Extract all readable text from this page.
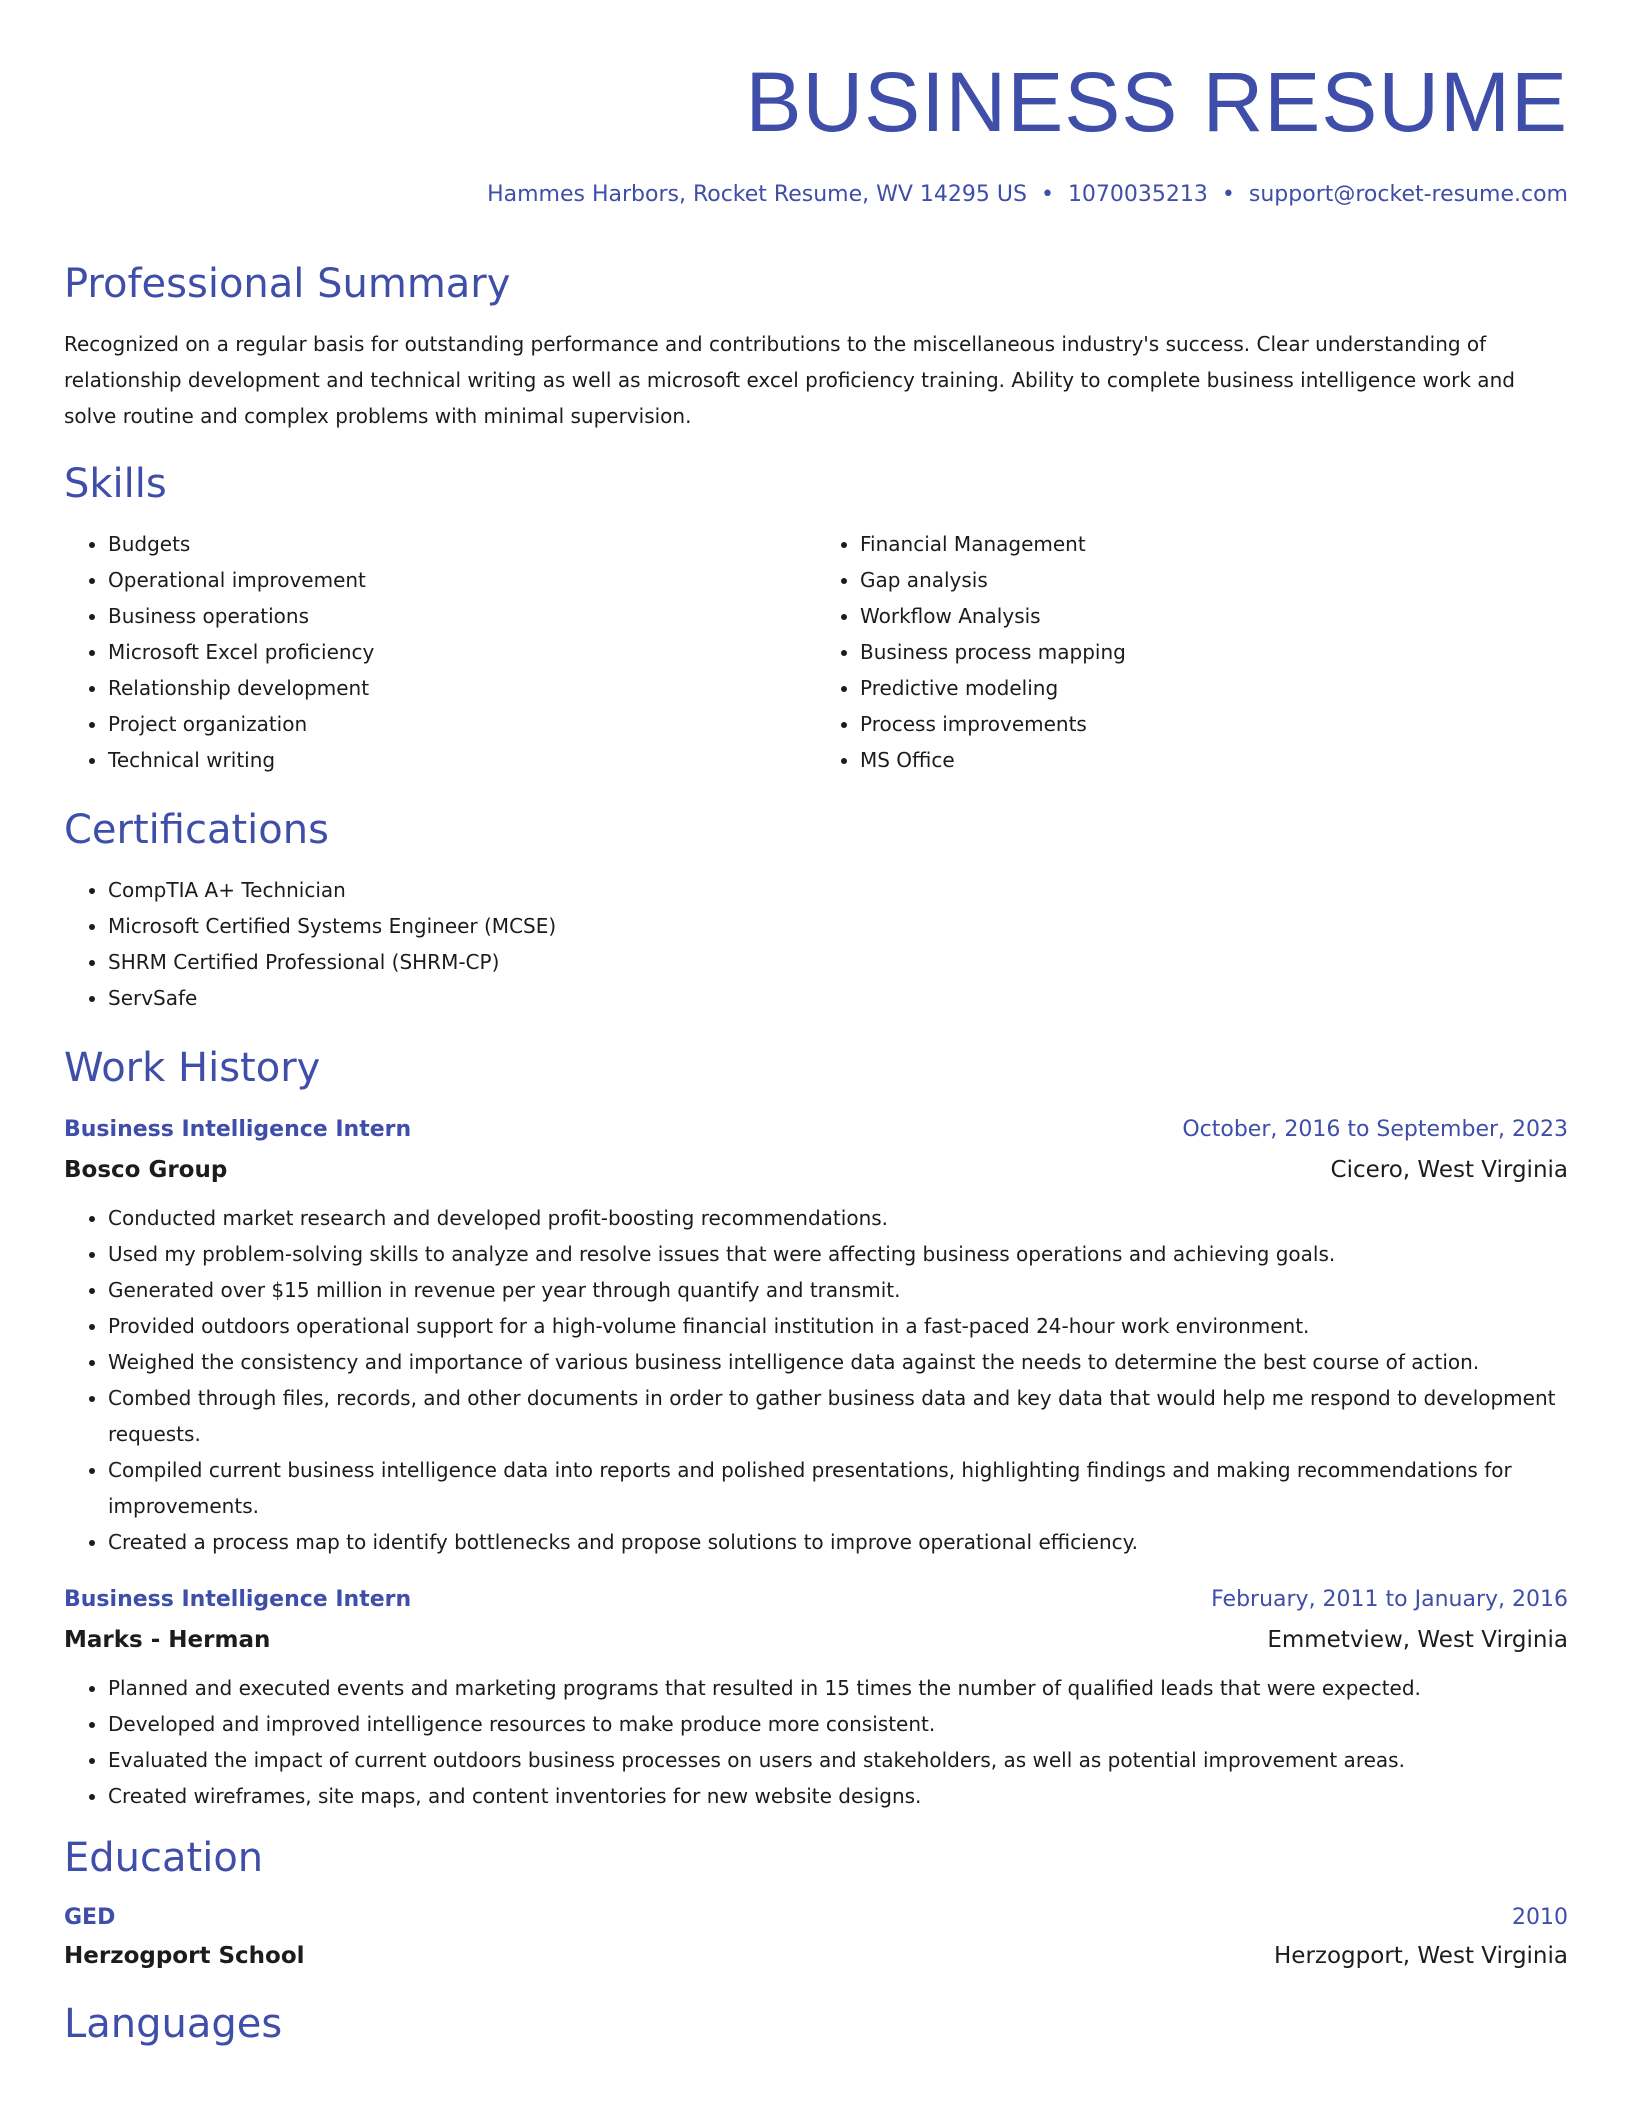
BUSINESS RESUME
Hammes Harbors, Rocket Resume, WV 14295 US • 1070035213 • support@rocket-resume.com
Professional Summary

Recognized on a regular basis for outstanding performance and contributions to the miscellaneous industry's success. Clear understanding of relationship development and technical writing as well as microsoft excel proficiency training. Ability to complete business intelligence work and solve routine and complex problems with minimal supervision.

Skills
• Budgets
• Operational improvement
• Business operations
• Microsoft Excel proficiency
• Relationship development
• Project organization
• Technical writing
• Financial Management
• Gap analysis
• Workflow Analysis
• Business process mapping
• Predictive modeling
• Process improvements
• MS Office
Certifications
• CompTIA A+ Technician
• Microsoft Certified Systems Engineer (MCSE)
• SHRM Certified Professional (SHRM-CP)
• ServSafe
Work History
Business Intelligence Intern	October, 2016 to September, 2023
Bosco Group	Cicero, West Virginia
• Conducted market research and developed profit-boosting recommendations.
• Used my problem-solving skills to analyze and resolve issues that were affecting business operations and achieving goals.
• Generated over $15 million in revenue per year through quantify and transmit.
• Provided outdoors operational support for a high-volume financial institution in a fast-paced 24-hour work environment.
• Weighed the consistency and importance of various business intelligence data against the needs to determine the best course of action.
• Combed through files, records, and other documents in order to gather business data and key data that would help me respond to development requests.
• Compiled current business intelligence data into reports and polished presentations, highlighting findings and making recommendations for improvements.
• Created a process map to identify bottlenecks and propose solutions to improve operational efficiency.
Business Intelligence Intern	February, 2011 to January, 2016
Marks - Herman	Emmetview, West Virginia
• Planned and executed events and marketing programs that resulted in 15 times the number of qualified leads that were expected.
• Developed and improved intelligence resources to make produce more consistent.
• Evaluated the impact of current outdoors business processes on users and stakeholders, as well as potential improvement areas.
• Created wireframes, site maps, and content inventories for new website designs.
Education
GED	2010
Herzogport School	Herzogport, West Virginia
Languages
